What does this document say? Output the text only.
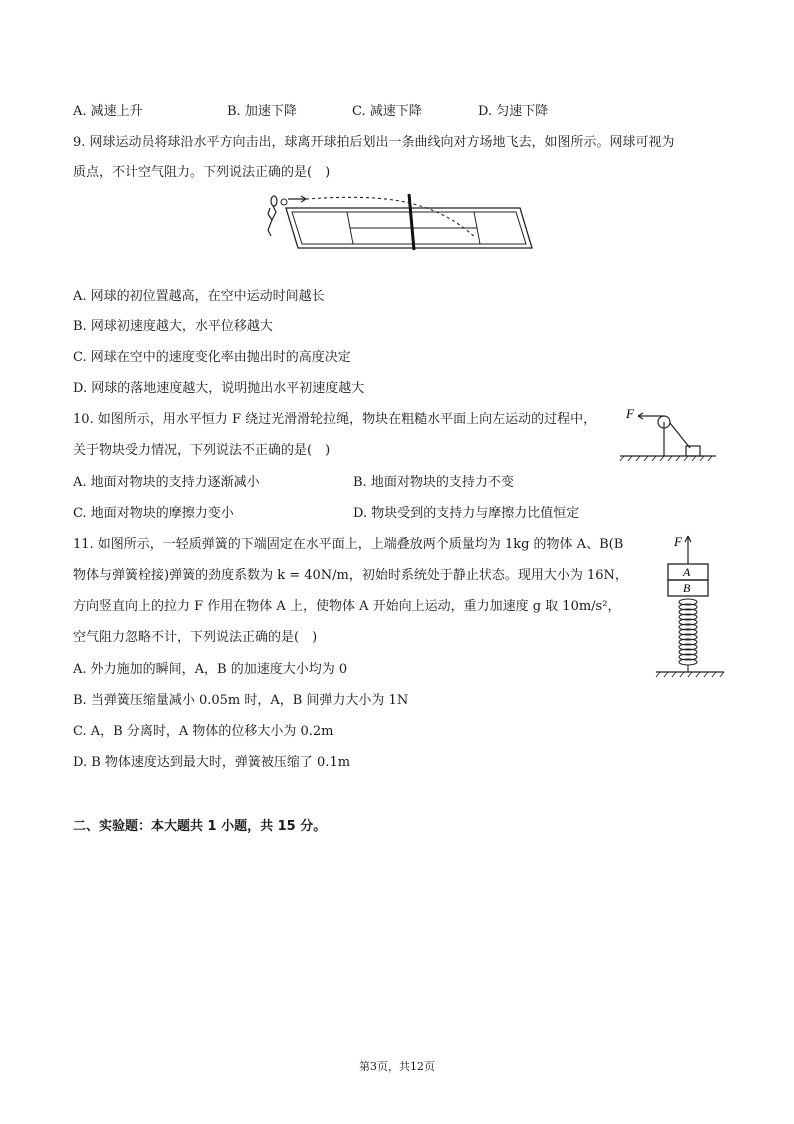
A. 减速上升	B. 加速下降	C. 减速下降	D. 匀速下降
9. 网球运动员将球沿水平方向击出，球离开球拍后划出一条曲线向对方场地飞去，如图所示。网球可视为
质点，不计空气阻力。下列说法正确的是( )
A. 网球的初位置越高，在空中运动时间越长
B. 网球初速度越大，水平位移越大
C. 网球在空中的速度变化率由抛出时的高度决定
D. 网球的落地速度越大，说明抛出水平初速度越大
10. 如图所示，用水平恒力 F 绕过光滑滑轮拉绳，物块在粗糙水平面上向左运动的过程中，
关于物块受力情况，下列说法不正确的是( )
F
A. 地面对物块的支持力逐渐减小	B. 地面对物块的支持力不变
C. 地面对物块的摩擦力变小	D. 物块受到的支持力与摩擦力比值恒定
11. 如图所示，一轻质弹簧的下端固定在水平面上，上端叠放两个质量均为 1kg 的物体 A、B(B
物体与弹簧栓接)弹簧的劲度系数为 k = 40N/m，初始时系统处于静止状态。现用大小为 16N，
方向竖直向上的拉力 F 作用在物体 A 上，使物体 A 开始向上运动，重力加速度 g 取 10m/s²，
空气阻力忽略不计，下列说法正确的是( )
F
A
B
A. 外力施加的瞬间，A，B 的加速度大小均为 0
B. 当弹簧压缩量减小 0.05m 时，A，B 间弹力大小为 1N
C. A，B 分离时，A 物体的位移大小为 0.2m
D. B 物体速度达到最大时，弹簧被压缩了 0.1m
二、实验题：本大题共 1 小题，共 15 分。
第3页，共12页
